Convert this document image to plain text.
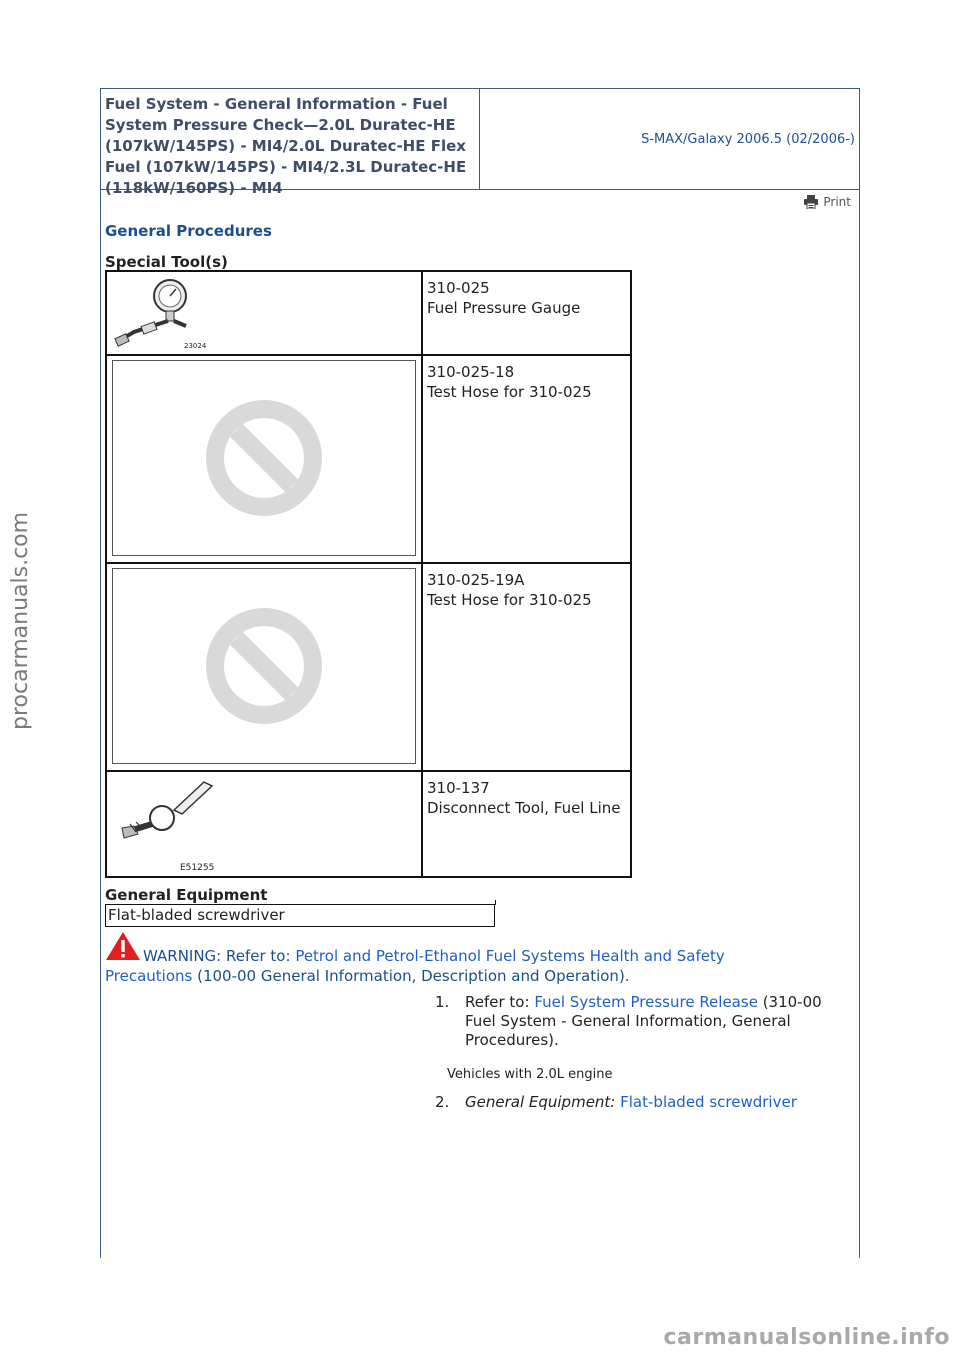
Fuel System - General Information - Fuel System Pressure Check—2.0L Duratec-HE (107kW/145PS) - MI4/2.0L Duratec-HE Flex Fuel (107kW/145PS) - MI4/2.3L Duratec-HE (118kW/160PS) - MI4
S-MAX/Galaxy 2006.5 (02/2006-)
Print
General Procedures
Special Tool(s)
23024	310-025
Fuel Pressure Gauge

310-025-18
Test Hose for 310-025

310-025-19A
Test Hose for 310-025

E51255	310-137
Disconnect Tool, Fuel Line
General Equipment
Flat-bladed screwdriver
WARNING: Refer to: Petrol and Petrol-Ethanol Fuel Systems Health and Safety Precautions (100-00 General Information, Description and Operation).
1. Refer to: Fuel System Pressure Release (310-00 Fuel System - General Information, General Procedures).
Vehicles with 2.0L engine
2. General Equipment: Flat-bladed screwdriver
procarmanuals.com
carmanualsonline.info
